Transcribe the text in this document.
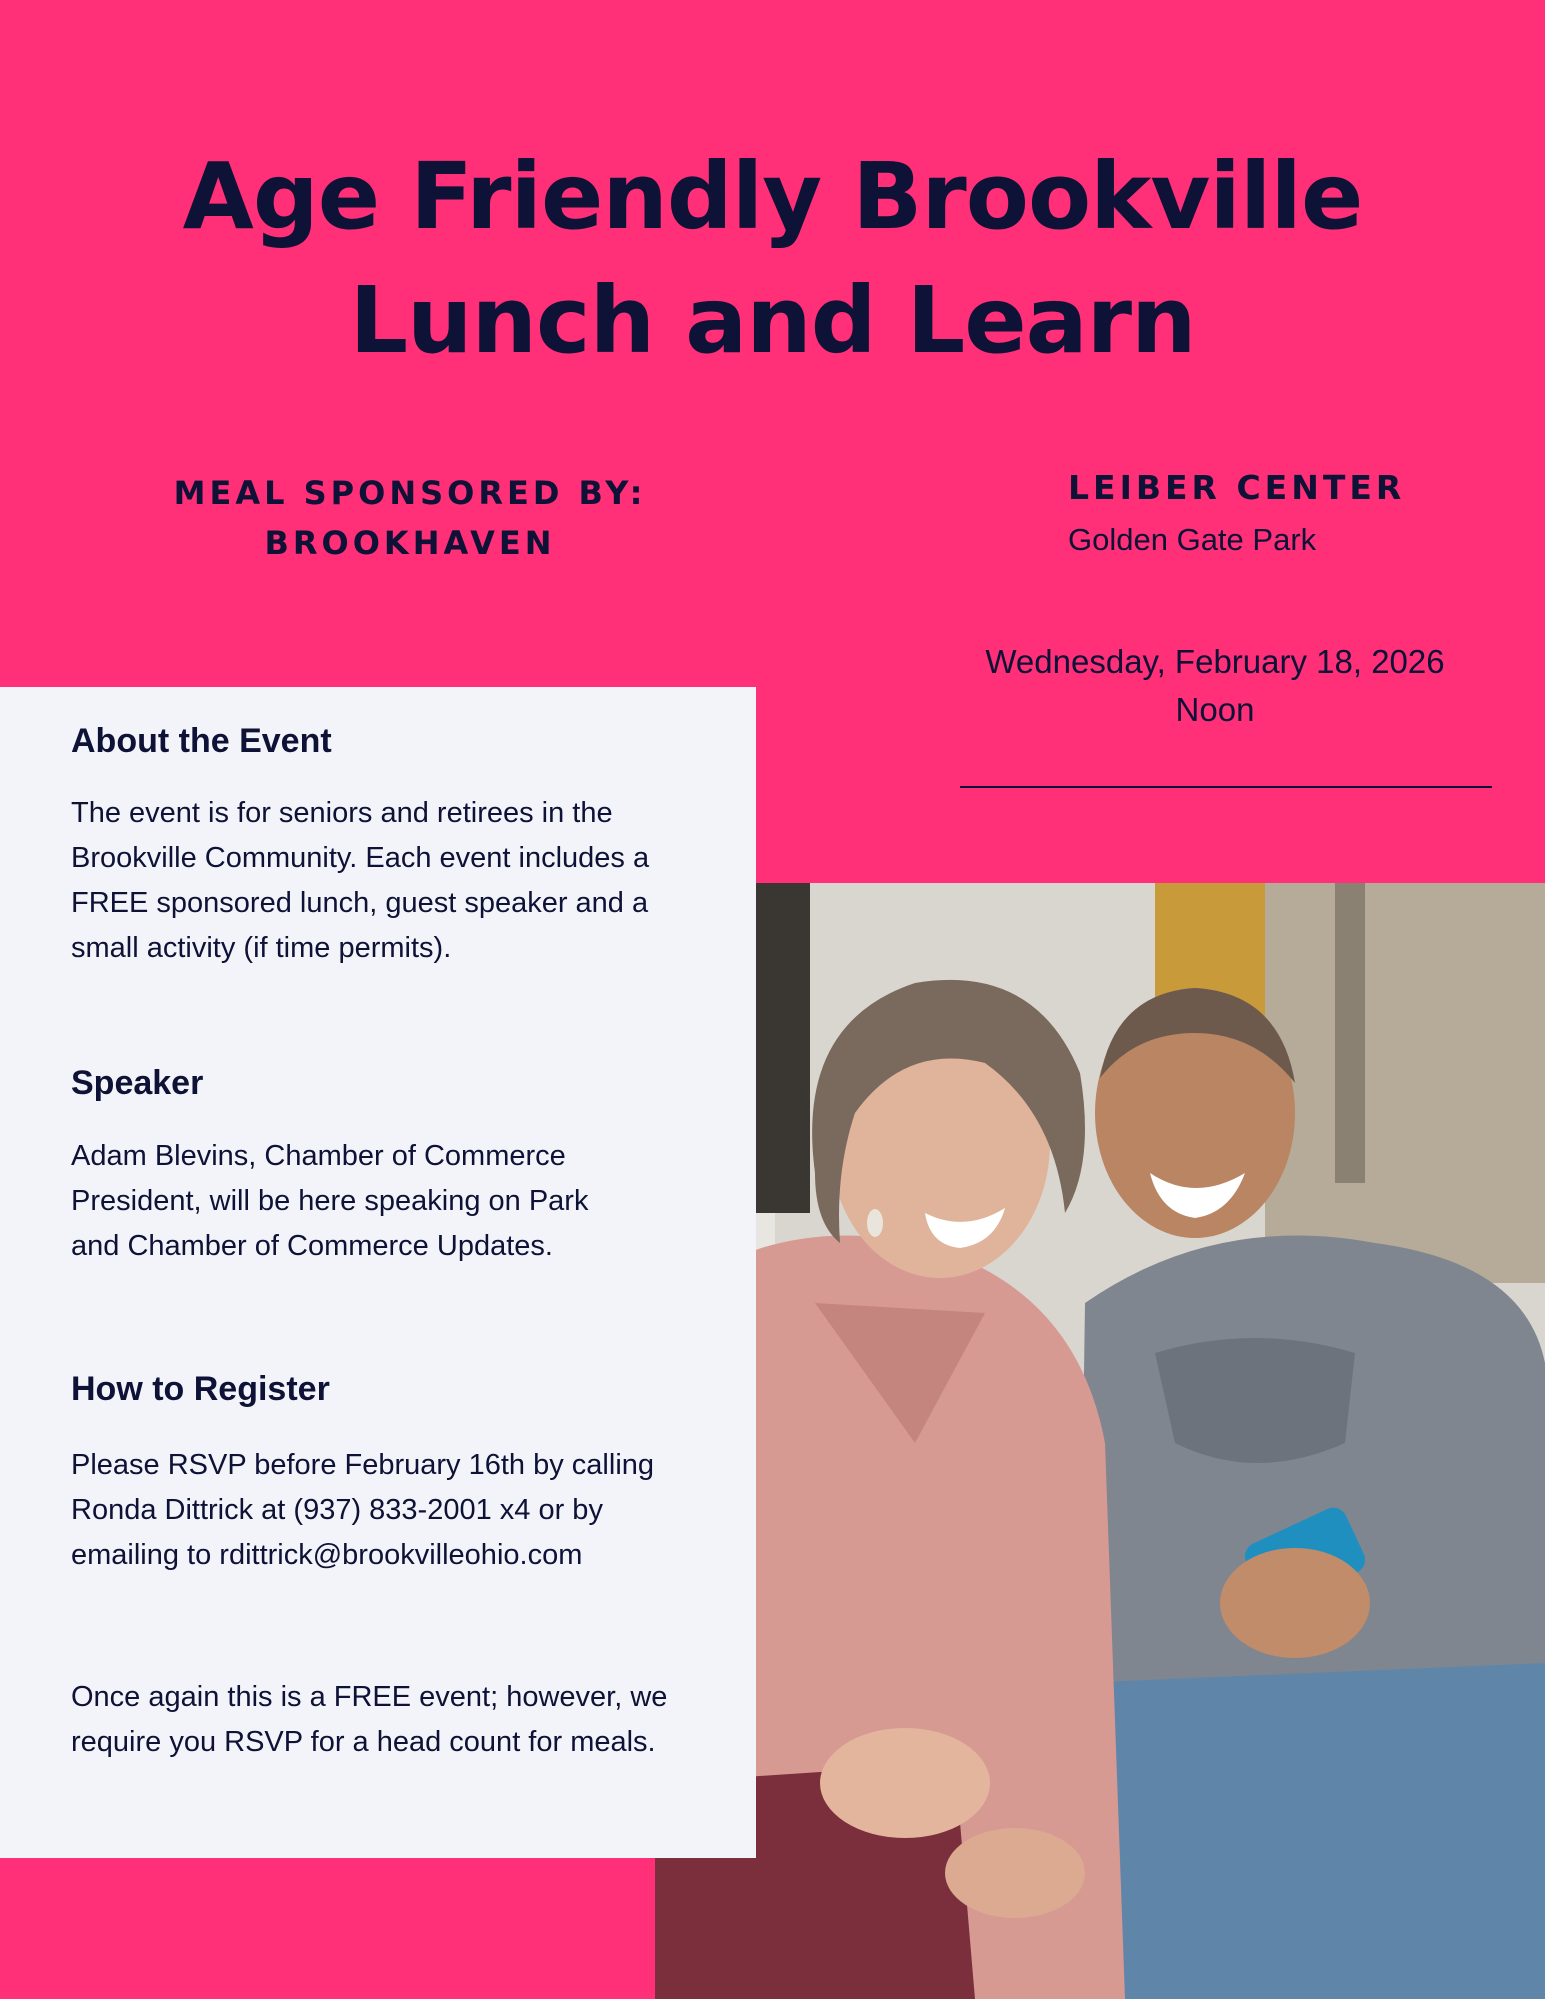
Age Friendly Brookville
Lunch and Learn
MEAL SPONSORED BY:
BROOKHAVEN
LEIBER CENTER
Golden Gate Park
Wednesday, February 18, 2026
Noon
About the Event

The event is for seniors and retirees in the Brookville Community. Each event includes a FREE sponsored lunch, guest speaker and a small activity (if time permits).

Speaker

Adam Blevins, Chamber of Commerce President, will be here speaking on Park and Chamber of Commerce Updates.

How to Register

Please RSVP before February 16th by calling Ronda Dittrick at (937) 833-2001 x4 or by emailing to rdittrick@brookvilleohio.com

Once again this is a FREE event; however, we require you RSVP for a head count for meals.
